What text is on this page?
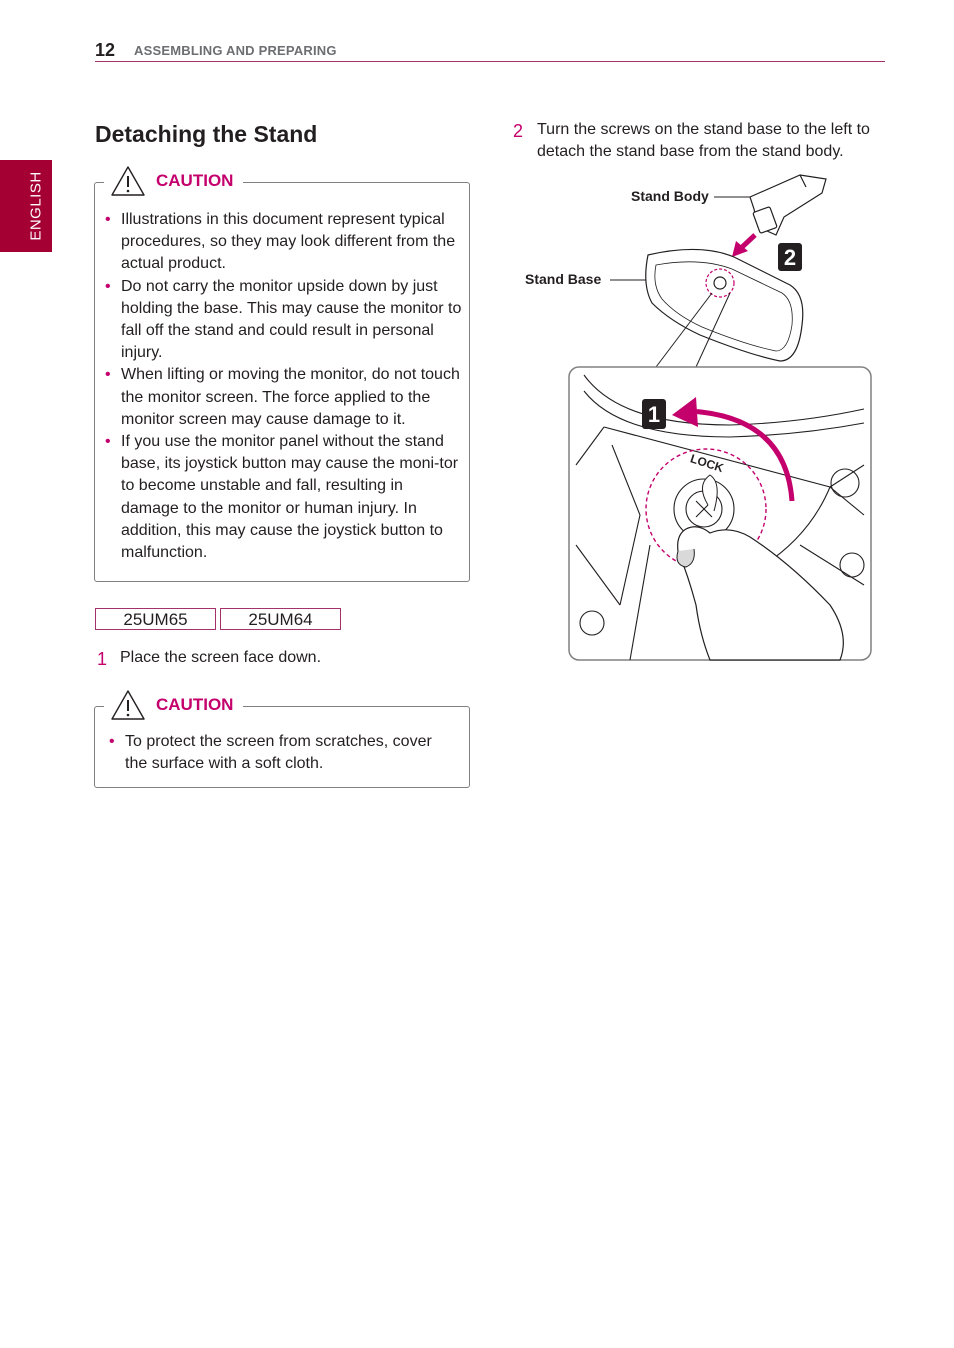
12 ASSEMBLING AND PREPARING
ENGLISH
Detaching the Stand
• Illustrations in this document represent typical procedures, so they may look different from the actual product.
• Do not carry the monitor upside down by just holding the base. This may cause the monitor to fall off the stand and could result in personal injury.
• When lifting or moving the monitor, do not touch the monitor screen. The force applied to the monitor screen may cause damage to it.
• If you use the monitor panel without the stand base, its joystick button may cause the moni-tor to become unstable and fall, resulting in damage to the monitor or human injury. In addition, this may cause the joystick button to malfunction.
CAUTION
25UM65	25UM64
1 Place the screen face down.
• To protect the screen from scratches, cover the surface with a soft cloth.
CAUTION
2 Turn the screws on the stand base to the left to detach the stand base from the stand body.
Stand Body
Stand Base
2
LOCK
1
